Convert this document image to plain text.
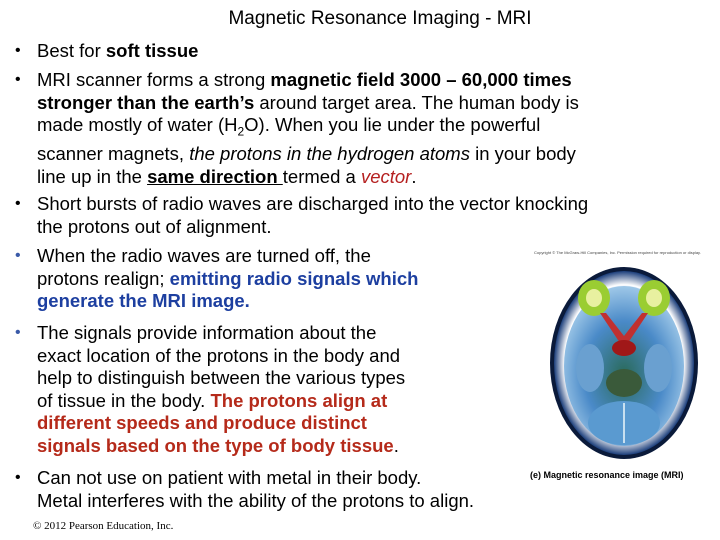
Magnetic Resonance Imaging - MRI
• Best for soft tissue
• MRI scanner forms a strong magnetic field 3000 – 60,000 times
stronger than the earth’s around target area. The human body is
made mostly of water $(H_2O)$. When you lie under the powerful
scanner magnets, the protons in the hydrogen atoms in your body
line up in the same direction termed a vector.
• Short bursts of radio waves are discharged into the vector knocking
the protons out of alignment.
• When the radio waves are turned off, the
protons realign; emitting radio signals which
generate the MRI image.
• The signals provide information about the
exact location of the protons in the body and
help to distinguish between the various types
of tissue in the body. The protons align at
different speeds and produce distinct
signals based on the type of body tissue.
• Can not use on patient with metal in their body.
Metal interferes with the ability of the protons to align.
Copyright © The McGraw-Hill Companies, Inc. Permission required for reproduction or display.
(e) Magnetic resonance image (MRI)
© 2012 Pearson Education, Inc.
